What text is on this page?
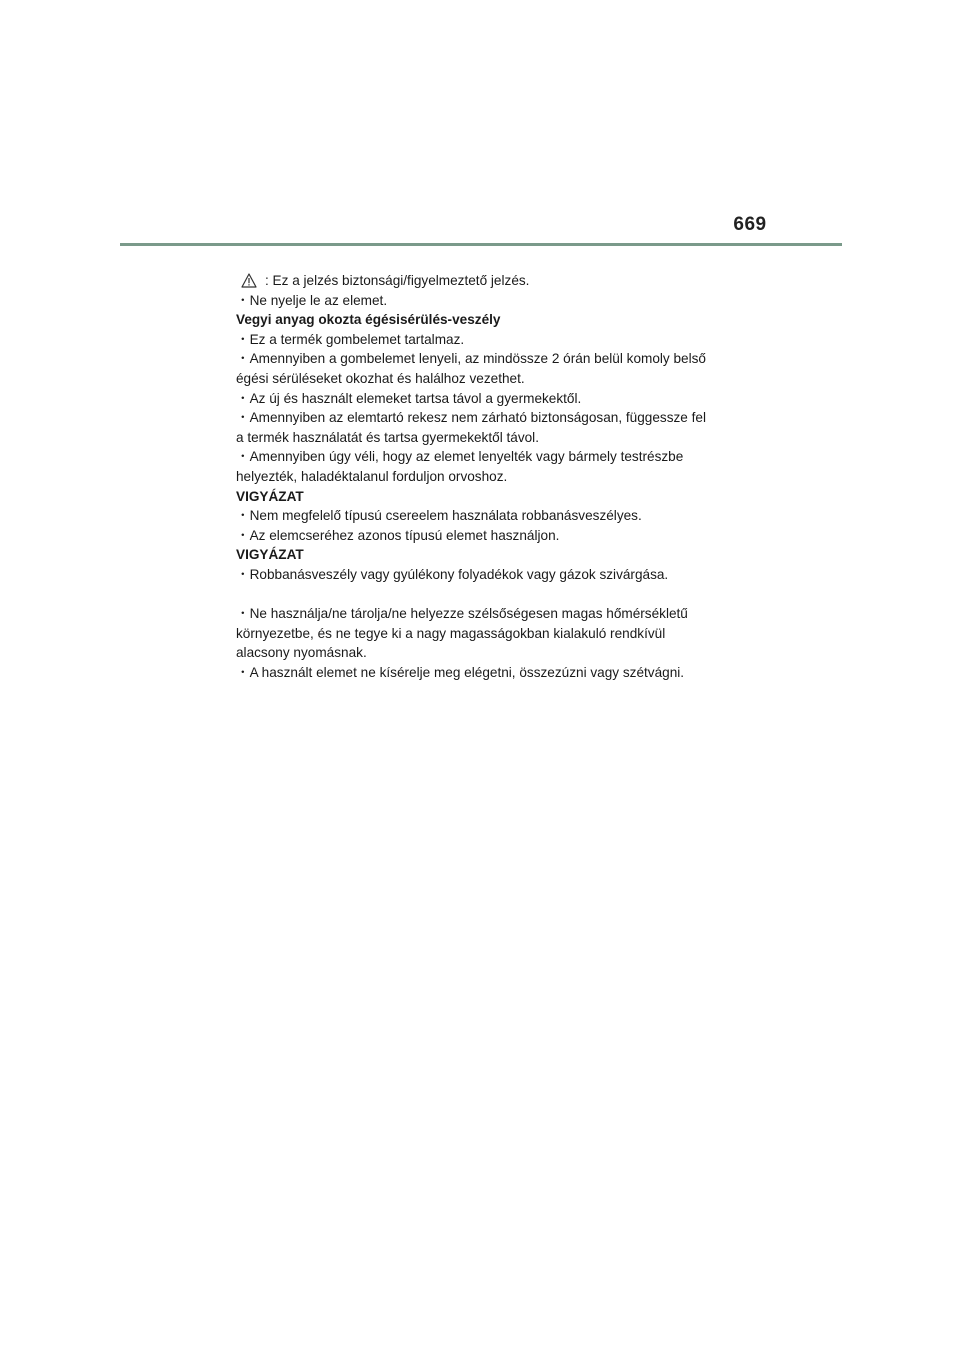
669
: Ez a jelzés biztonsági/figyelmeztető jelzés.
・Ne nyelje le az elemet.
Vegyi anyag okozta égésisérülés-veszély
・Ez a termék gombelemet tartalmaz.
・Amennyiben a gombelemet lenyeli, az mindössze 2 órán belül komoly belső
égési sérüléseket okozhat és halálhoz vezethet.
・Az új és használt elemeket tartsa távol a gyermekektől.
・Amennyiben az elemtartó rekesz nem zárható biztonságosan, függessze fel
a termék használatát és tartsa gyermekektől távol.
・Amennyiben úgy véli, hogy az elemet lenyelték vagy bármely testrészbe
helyezték, haladéktalanul forduljon orvoshoz.
VIGYÁZAT
・Nem megfelelő típusú csereelem használata robbanásveszélyes.
・Az elemcseréhez azonos típusú elemet használjon.
VIGYÁZAT
・Robbanásveszély vagy gyúlékony folyadékok vagy gázok szivárgása.
・Ne használja/ne tárolja/ne helyezze szélsőségesen magas hőmérsékletű
környezetbe, és ne tegye ki a nagy magasságokban kialakuló rendkívül
alacsony nyomásnak.
・A használt elemet ne kísérelje meg elégetni, összezúzni vagy szétvágni.
